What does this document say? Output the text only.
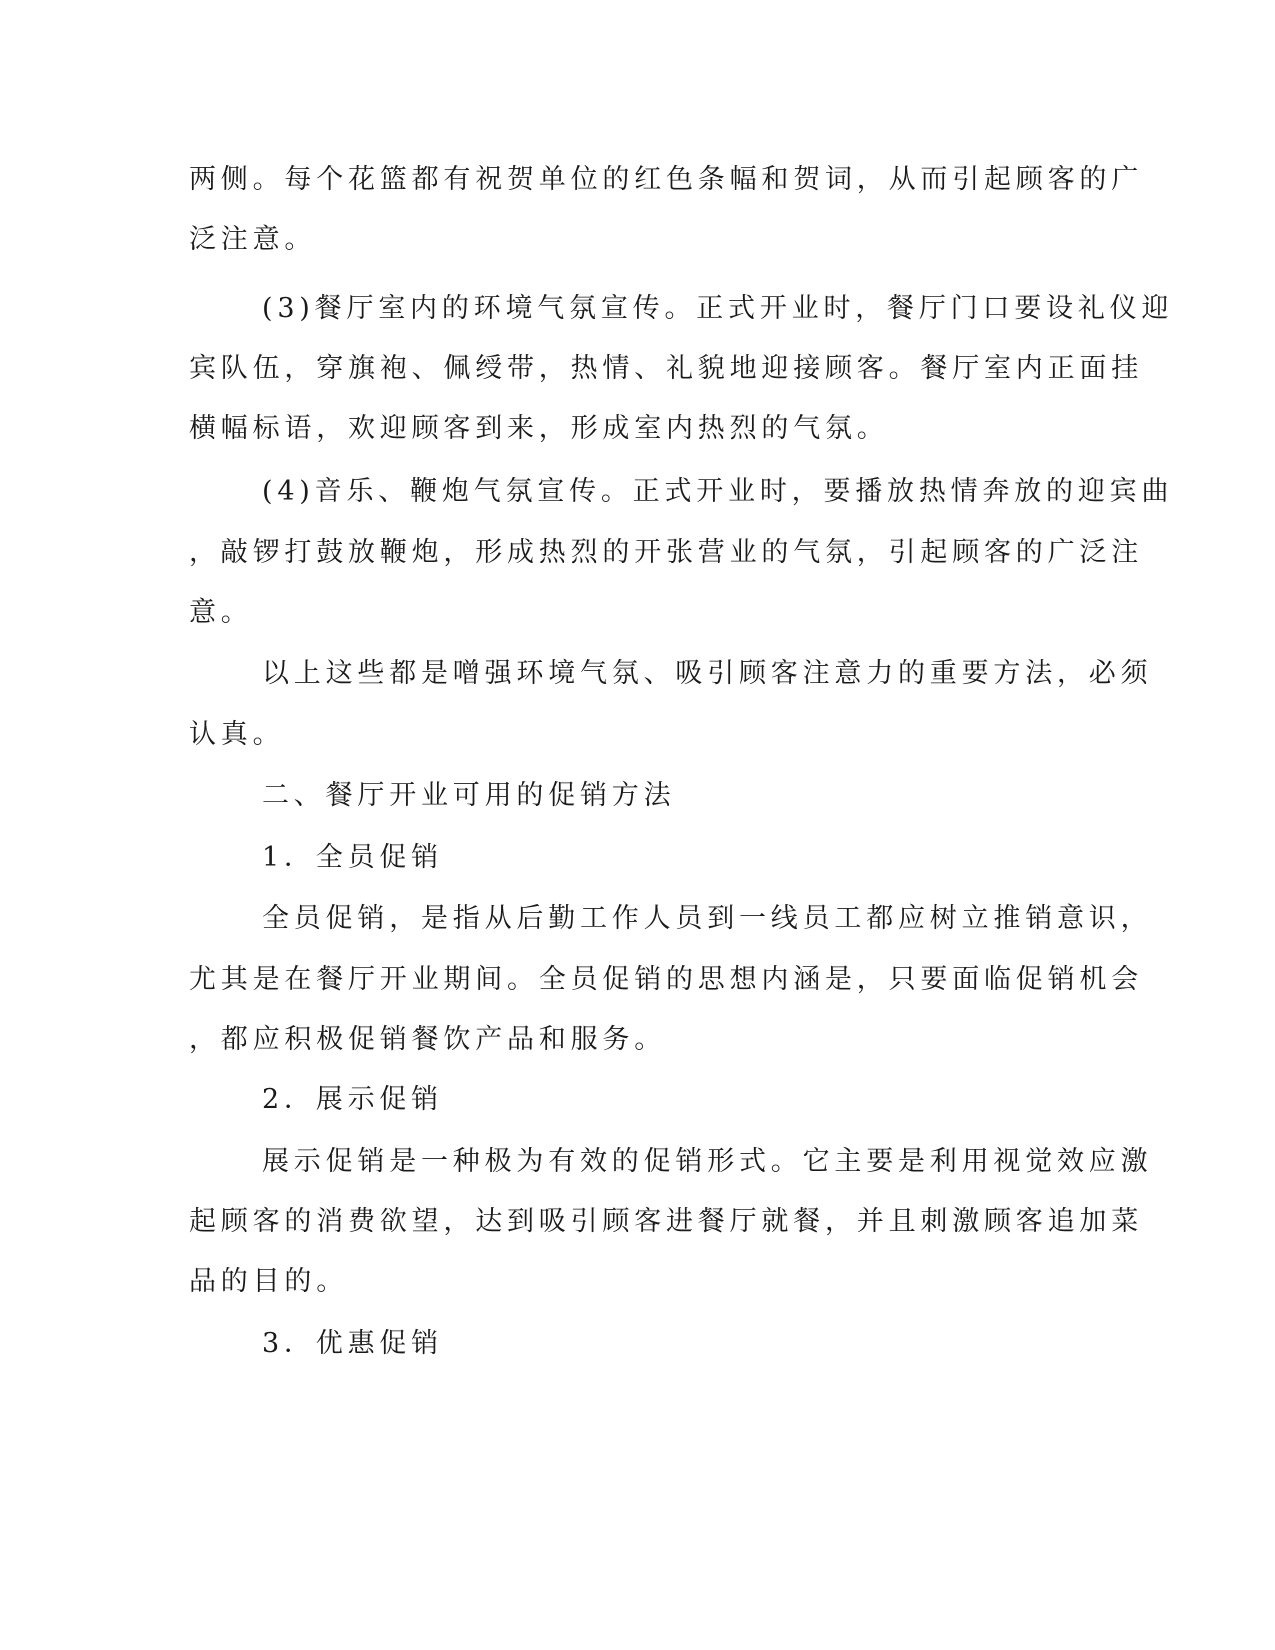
两侧。每个花篮都有祝贺单位的红色条幅和贺词，从而引起顾客的广
泛注意。
(3)餐厅室内的环境气氛宣传。正式开业时，餐厅门口要设礼仪迎
宾队伍，穿旗袍、佩绶带，热情、礼貌地迎接顾客。餐厅室内正面挂
横幅标语，欢迎顾客到来，形成室内热烈的气氛。
(4)音乐、鞭炮气氛宣传。正式开业时，要播放热情奔放的迎宾曲
，敲锣打鼓放鞭炮，形成热烈的开张营业的气氛，引起顾客的广泛注
意。
以上这些都是噌强环境气氛、吸引顾客注意力的重要方法，必须
认真。
二、餐厅开业可用的促销方法
1．全员促销
全员促销，是指从后勤工作人员到一线员工都应树立推销意识，
尤其是在餐厅开业期间。全员促销的思想内涵是，只要面临促销机会
，都应积极促销餐饮产品和服务。
2．展示促销
展示促销是一种极为有效的促销形式。它主要是利用视觉效应激
起顾客的消费欲望，达到吸引顾客进餐厅就餐，并且刺激顾客追加菜
品的目的。
3．优惠促销
